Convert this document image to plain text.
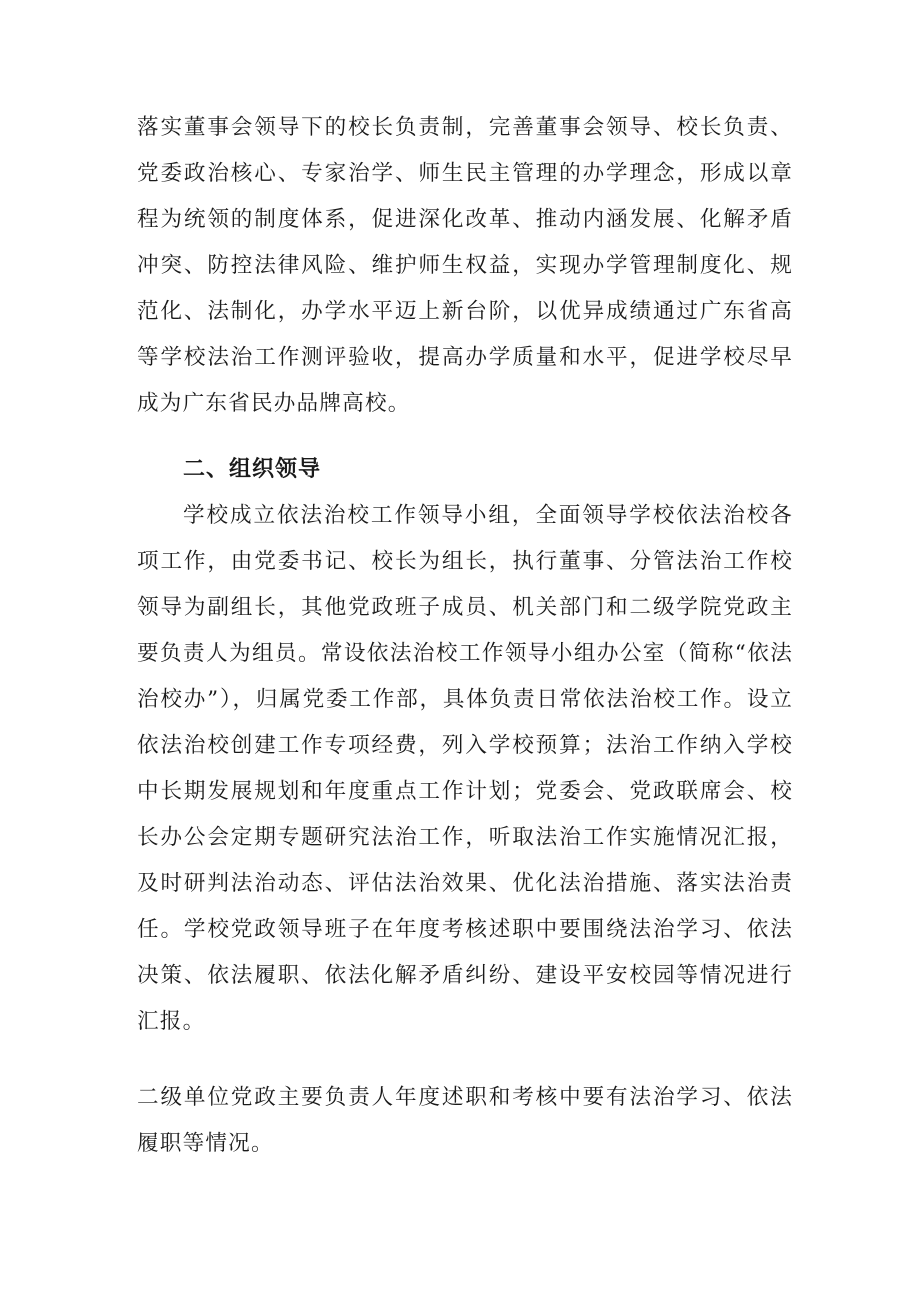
落实董事会领导下的校长负责制，完善董事会领导、校长负责、党委政治核心、专家治学、师生民主管理的办学理念，形成以章程为统领的制度体系，促进深化改革、推动内涵发展、化解矛盾冲突、防控法律风险、维护师生权益，实现办学管理制度化、规范化、法制化，办学水平迈上新台阶，以优异成绩通过广东省高等学校法治工作测评验收，提高办学质量和水平，促进学校尽早成为广东省民办品牌高校。

二、组织领导

学校成立依法治校工作领导小组，全面领导学校依法治校各项工作，由党委书记、校长为组长，执行董事、分管法治工作校领导为副组长，其他党政班子成员、机关部门和二级学院党政主要负责人为组员。常设依法治校工作领导小组办公室（简称“依法治校办”），归属党委工作部，具体负责日常依法治校工作。设立依法治校创建工作专项经费，列入学校预算；法治工作纳入学校中长期发展规划和年度重点工作计划；党委会、党政联席会、校长办公会定期专题研究法治工作，听取法治工作实施情况汇报，及时研判法治动态、评估法治效果、优化法治措施、落实法治责任。学校党政领导班子在年度考核述职中要围绕法治学习、依法决策、依法履职、依法化解矛盾纠纷、建设平安校园等情况进行汇报。

二级单位党政主要负责人年度述职和考核中要有法治学习、依法履职等情况。
